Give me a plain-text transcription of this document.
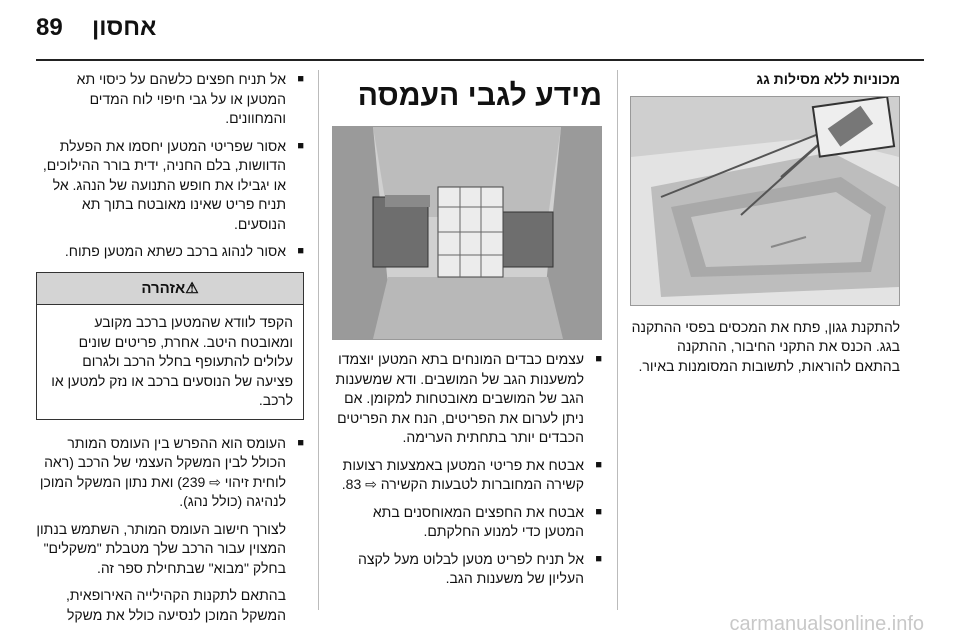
89 אחסון
מכוניות ללא מסילות גג

להתקנת גגון, פתח את המכסים בפסי ההתקנה בגג. הכנס את התקני החיבור, ההתקנה בהתאם להוראות, לתשובות המסומנות באיור.

מידע לגבי העמסה
■ עצמים כבדים המונחים בתא המטען יוצמדו למשענות הגב של המושבים. ודא שמשענות הגב של המושבים מאובטחות למקומן. אם ניתן לערום את הפריטים, הנח את הפריטים הכבדים יותר בתחתית הערימה.
■ אבטח את פריטי המטען באמצעות רצועות קשירה המחוברות לטבעות הקשירה ⇨ 83.
■ אבטח את החפצים המאוחסנים בתא המטען כדי למנוע החלקתם.
■ אל תניח לפריט מטען לבלוט מעל לקצה העליון של משענות הגב.
■ אל תניח חפצים כלשהם על כיסוי תא המטען או על גבי חיפוי לוח המדים והמחוונים.
■ אסור שפריטי המטען יחסמו את הפעלת הדוושות, בלם החניה, ידית בורר ההילוכים, או יגבילו את חופש התנועה של הנהג. אל תניח פריט שאינו מאובטח בתוך תא הנוסעים.
■ אסור לנהוג ברכב כשתא המטען פתוח.
⚠אזהרה
הקפד לוודא שהמטען ברכב מקובע ומאובטח היטב. אחרת, פריטים שונים עלולים להתעופף בחלל הרכב ולגרום פציעה של הנוסעים ברכב או נזק למטען או לרכב.
■ העומס הוא ההפרש בין העומס המותר הכולל לבין המשקל העצמי של הרכב (ראה לוחית זיהוי ⇨ 239) ואת נתון המשקל המוכן לנהיגה (כולל נהג).
לצורך חישוב העומס המותר, השתמש בנתון המצוין עבור הרכב שלך מטבלת "משקלים" בחלק "מבוא" שבתחילת ספר זה.
בהתאם לתקנות הקהילייה האירופאית, המשקל המוכן לנסיעה כולל את משקל	carmanualsonline.info
